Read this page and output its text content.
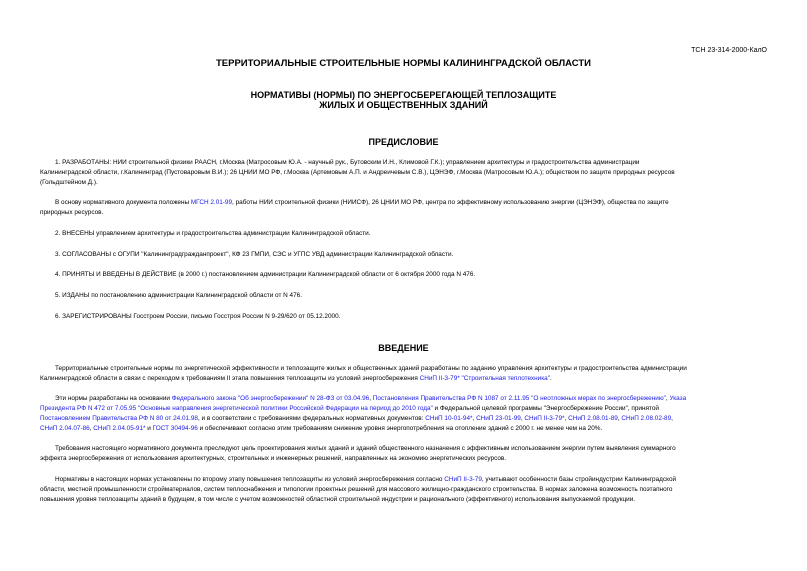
ТСН 23-314-2000-КалО
ТЕРРИТОРИАЛЬНЫЕ СТРОИТЕЛЬНЫЕ НОРМЫ КАЛИНИНГРАДСКОЙ ОБЛАСТИ
НОРМАТИВЫ (НОРМЫ) ПО ЭНЕРГОСБЕРЕГАЮЩЕЙ ТЕПЛОЗАЩИТЕ
ЖИЛЫХ И ОБЩЕСТВЕННЫХ ЗДАНИЙ
ПРЕДИСЛОВИЕ
1. РАЗРАБОТАНЫ: НИИ строительной физики РААСН, г.Москва (Матросовым Ю.А. - научный рук., Бутовским И.Н., Климовой Г.К.); управлением архитектуры и градостроительства администрации
Калининградской области, г.Калининград (Пустоваровым В.И.); 26 ЦНИИ МО РФ, г.Москва (Артемовым А.П. и Андреичевым С.В.), ЦЭНЭФ, г.Москва (Матросовым Ю.А.); обществом по защите природных ресурсов
(Гольдштейном Д.).
В основу нормативного документа положены МГСН 2.01-99, работы НИИ строительной физики (НИИСФ), 26 ЦНИИ МО РФ, центра по эффективному использованию энергии (ЦЭНЭФ), общества по защите
природных ресурсов.
2. ВНЕСЕНЫ управлением архитектуры и градостроительства администрации Калининградской области.
3. СОГЛАСОВАНЫ с ОГУПИ "Калининградгражданпроект", КФ 23 ГМПИ, СЭС и УГПС УВД администрации Калининградской области.
4. ПРИНЯТЫ И ВВЕДЕНЫ В ДЕЙСТВИЕ (в 2000 г.) постановлением администрации Калининградской области от 6 октября 2000 года N 476.
5. ИЗДАНЫ по постановлению администрации Калининградской области от N 476.
6. ЗАРЕГИСТРИРОВАНЫ Госстроем России, письмо Госстроя России N 9-29/620 от 05.12.2000.
ВВЕДЕНИЕ
Территориальные строительные нормы по энергетической эффективности и теплозащите жилых и общественных зданий разработаны по заданию управления архитектуры и градостроительства администрации
Калининградской области в связи с переходом к требованиям II этапа повышения теплозащиты из условий энергосбережения СНиП II-3-79* "Строительная теплотехника".
Эти нормы разработаны на основании Федерального закона "Об энергосбережении" N 28-ФЗ от 03.04.96, Постановления Правительства РФ N 1087 от 2.11.95 "О неотложных мерах по энергосбережению", Указа
Президента РФ N 472 от 7.05.95 "Основные направления энергетической политики Российской Федерации на период до 2010 года" и Федеральной целевой программы "Энергосбережение России", принятой
Постановлением Правительства РФ N 80 от 24.01.98, и в соответствии с требованиями федеральных нормативных документов: СНиП 10-01-94*, СНиП 23-01-99, СНиП II-3-79*, СНиП 2.08.01-89, СНиП 2.08.02-89,
СНиП 2.04.07-86, СНиП 2.04.05-91* и ГОСТ 30494-96 и обеспечивают согласно этим требованиям снижение уровня энергопотребления на отопление зданий с 2000 г. не менее чем на 20%.
Требования настоящего нормативного документа преследуют цель проектирования жилых зданий и зданий общественного назначения с эффективным использованием энергии путем выявления суммарного
эффекта энергосбережения от использования архитектурных, строительных и инженерных решений, направленных на экономию энергетических ресурсов.
Нормативы в настоящих нормах установлены по второму этапу повышения теплозащиты из условий энергосбережения согласно СНиП II-3-79, учитывают особенности базы стройиндустрии Калининградской
области, местной промышленности стройматериалов, систем теплоснабжения и типологии проектных решений для массового жилищно-гражданского строительства. В нормах заложена возможность поэтапного
повышения уровня теплозащиты зданий в будущем, в том числе с учетом возможностей областной строительной индустрии и рационального (эффективного) использования выпускаемой продукции.
